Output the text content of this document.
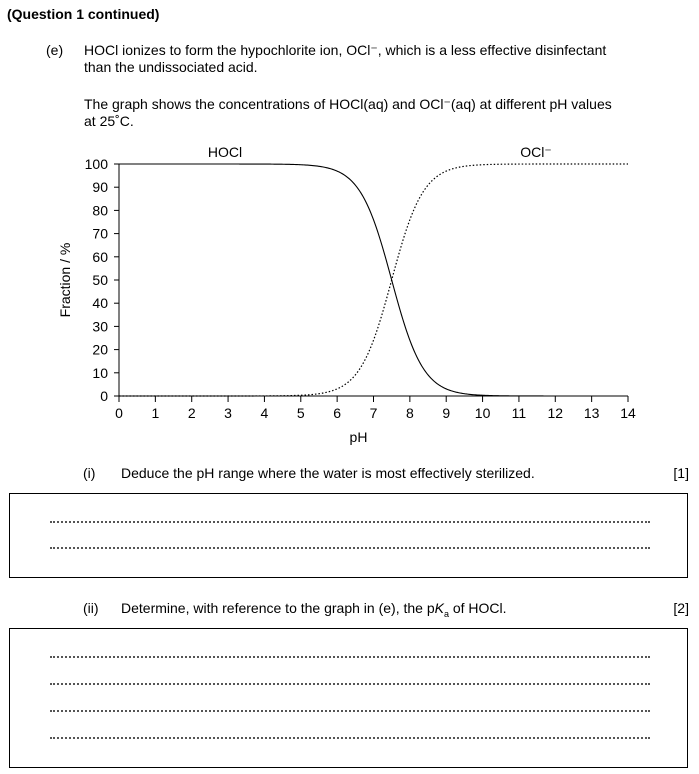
(Question 1 continued)
(e) HOCl ionizes to form the hypochlorite ion, OCl⁻, which is a less effective disinfectant
than the undissociated acid.
The graph shows the concentrations of HOCl(aq) and OCl⁻(aq) at different pH values
at 25˚C.
0
10
20
30
40
50
60
70
80
90
100
0 1 2 3 4 5 6 7 8 9 10 11 12 13 14
pH
Fraction / %
HOCl	OCl⁻
(i) Deduce the pH range where the water is most effectively sterilized.	[1]
(ii) Determine, with reference to the graph in (e), the $pK_a$ of HOCl.	[2]
